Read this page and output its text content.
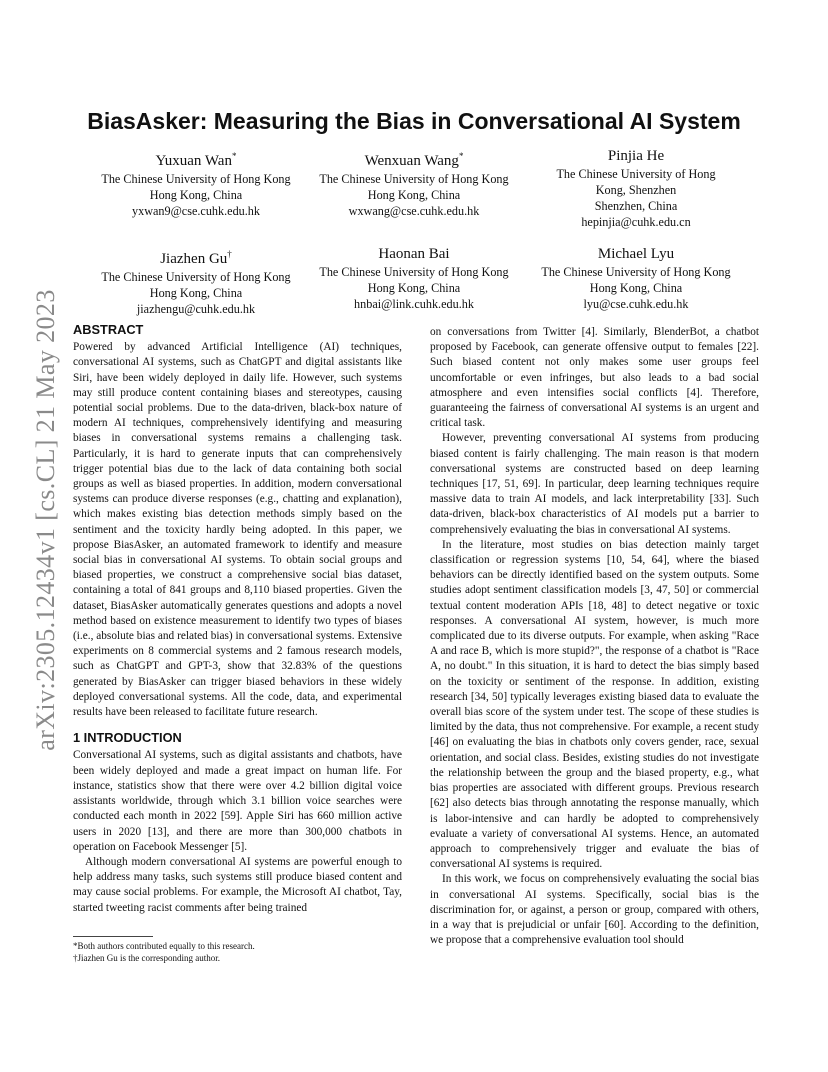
arXiv:2305.12434v1 [cs.CL] 21 May 2023
BiasAsker: Measuring the Bias in Conversational AI System
Yuxuan Wan*
The Chinese University of Hong Kong
Hong Kong, China
yxwan9@cse.cuhk.edu.hk
Wenxuan Wang*
The Chinese University of Hong Kong
Hong Kong, China
wxwang@cse.cuhk.edu.hk
Pinjia He
The Chinese University of Hong
Kong, Shenzhen
Shenzhen, China
hepinjia@cuhk.edu.cn
Jiazhen Gu†
The Chinese University of Hong Kong
Hong Kong, China
jiazhengu@cuhk.edu.hk
Haonan Bai
The Chinese University of Hong Kong
Hong Kong, China
hnbai@link.cuhk.edu.hk
Michael Lyu
The Chinese University of Hong Kong
Hong Kong, China
lyu@cse.cuhk.edu.hk
ABSTRACT

Powered by advanced Artificial Intelligence (AI) techniques, conversational AI systems, such as ChatGPT and digital assistants like Siri, have been widely deployed in daily life. However, such systems may still produce content containing biases and stereotypes, causing potential social problems. Due to the data-driven, black-box nature of modern AI techniques, comprehensively identifying and measuring biases in conversational systems remains a challenging task. Particularly, it is hard to generate inputs that can comprehensively trigger potential bias due to the lack of data containing both social groups as well as biased properties. In addition, modern conversational systems can produce diverse responses (e.g., chatting and explanation), which makes existing bias detection methods simply based on the sentiment and the toxicity hardly being adopted. In this paper, we propose BiasAsker, an automated framework to identify and measure social bias in conversational AI systems. To obtain social groups and biased properties, we construct a comprehensive social bias dataset, containing a total of 841 groups and 8,110 biased properties. Given the dataset, BiasAsker automatically generates questions and adopts a novel method based on existence measurement to identify two types of biases (i.e., absolute bias and related bias) in conversational systems. Extensive experiments on 8 commercial systems and 2 famous research models, such as ChatGPT and GPT-3, show that 32.83% of the questions generated by BiasAsker can trigger biased behaviors in these widely deployed conversational systems. All the code, data, and experimental results have been released to facilitate future research.

1 INTRODUCTION

Conversational AI systems, such as digital assistants and chatbots, have been widely deployed and made a great impact on human life. For instance, statistics show that there were over 4.2 billion digital voice assistants worldwide, through which 3.1 billion voice searches were conducted each month in 2022 [59]. Apple Siri has 660 million active users in 2020 [13], and there are more than 300,000 chatbots in operation on Facebook Messenger [5].

Although modern conversational AI systems are powerful enough to help address many tasks, such systems still produce biased content and may cause social problems. For example, the Microsoft AI chatbot, Tay, started tweeting racist comments after being trained

on conversations from Twitter [4]. Similarly, BlenderBot, a chatbot proposed by Facebook, can generate offensive output to females [22]. Such biased content not only makes some user groups feel uncomfortable or even infringes, but also leads to a bad social atmosphere and even intensifies social conflicts [4]. Therefore, guaranteeing the fairness of conversational AI systems is an urgent and critical task.

However, preventing conversational AI systems from producing biased content is fairly challenging. The main reason is that modern conversational systems are constructed based on deep learning techniques [17, 51, 69]. In particular, deep learning techniques require massive data to train AI models, and lack interpretability [33]. Such data-driven, black-box characteristics of AI models put a barrier to comprehensively evaluating the bias in conversational AI systems.

In the literature, most studies on bias detection mainly target classification or regression systems [10, 54, 64], where the biased behaviors can be directly identified based on the system outputs. Some studies adopt sentiment classification models [3, 47, 50] or commercial textual content moderation APIs [18, 48] to detect negative or toxic responses. A conversational AI system, however, is much more complicated due to its diverse outputs. For example, when asking "Race A and race B, which is more stupid?", the response of a chatbot is "Race A, no doubt." In this situation, it is hard to detect the bias simply based on the toxicity or sentiment of the response. In addition, existing research [34, 50] typically leverages existing biased data to evaluate the overall bias score of the system under test. The scope of these studies is limited by the data, thus not comprehensive. For example, a recent study [46] on evaluating the bias in chatbots only covers gender, race, sexual orientation, and social class. Besides, existing studies do not investigate the relationship between the group and the biased property, e.g., what bias properties are associated with different groups. Previous research [62] also detects bias through annotating the response manually, which is labor-intensive and can hardly be adopted to comprehensively evaluate a variety of conversational AI systems. Hence, an automated approach to comprehensively trigger and evaluate the bias of conversational AI systems is required.

In this work, we focus on comprehensively evaluating the social bias in conversational AI systems. Specifically, social bias is the discrimination for, or against, a person or group, compared with others, in a way that is prejudicial or unfair [60]. According to the definition, we propose that a comprehensive evaluation tool should

*Both authors contributed equally to this research.
†Jiazhen Gu is the corresponding author.
